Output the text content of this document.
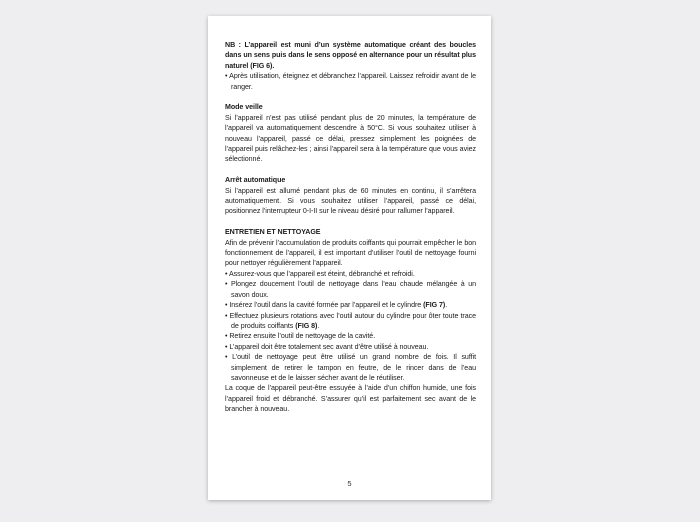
NB : L’appareil est muni d’un système automatique créant des boucles dans un sens puis dans le sens opposé en alternance pour un résultat plus naturel (FIG 6).

• Après utilisation, éteignez et débranchez l’appareil. Laissez refroidir avant de le ranger.

Mode veille

Si l’appareil n’est pas utilisé pendant plus de 20 minutes, la température de l’appareil va automatiquement descendre à 50°C. Si vous souhaitez utiliser à nouveau l’appareil, passé ce délai, pressez simplement les poignées de l’appareil puis relâchez-les ; ainsi l’appareil sera à la température que vous aviez sélectionné.

Arrêt automatique

Si l’appareil est allumé pendant plus de 60 minutes en continu, il s’arrêtera automatiquement. Si vous souhaitez utiliser l’appareil, passé ce délai, positionnez l’interrupteur 0-I-II sur le niveau désiré pour rallumer l’appareil.

ENTRETIEN ET NETTOYAGE

Afin de prévenir l’accumulation de produits coiffants qui pourrait empêcher le bon fonctionnement de l’appareil, il est important d’utiliser l’outil de nettoyage fourni pour nettoyer régulièrement l’appareil.

• Assurez-vous que l’appareil est éteint, débranché et refroidi.

• Plongez doucement l’outil de nettoyage dans l’eau chaude mélangée à un savon doux.

• Insérez l’outil dans la cavité formée par l’appareil et le cylindre (FIG 7).

• Effectuez plusieurs rotations avec l’outil autour du cylindre pour ôter toute trace de produits coiffants (FIG 8).

• Retirez ensuite l’outil de nettoyage de la cavité.

• L’appareil doit être totalement sec avant d’être utilisé à nouveau.

• L’outil de nettoyage peut être utilisé un grand nombre de fois. Il suffit simplement de retirer le tampon en feutre, de le rincer dans de l’eau savonneuse et de le laisser sécher avant de le réutiliser.

La coque de l’appareil peut-être essuyée à l’aide d’un chiffon humide, une fois l’appareil froid et débranché. S’assurer qu’il est parfaitement sec avant de le brancher à nouveau.

5
